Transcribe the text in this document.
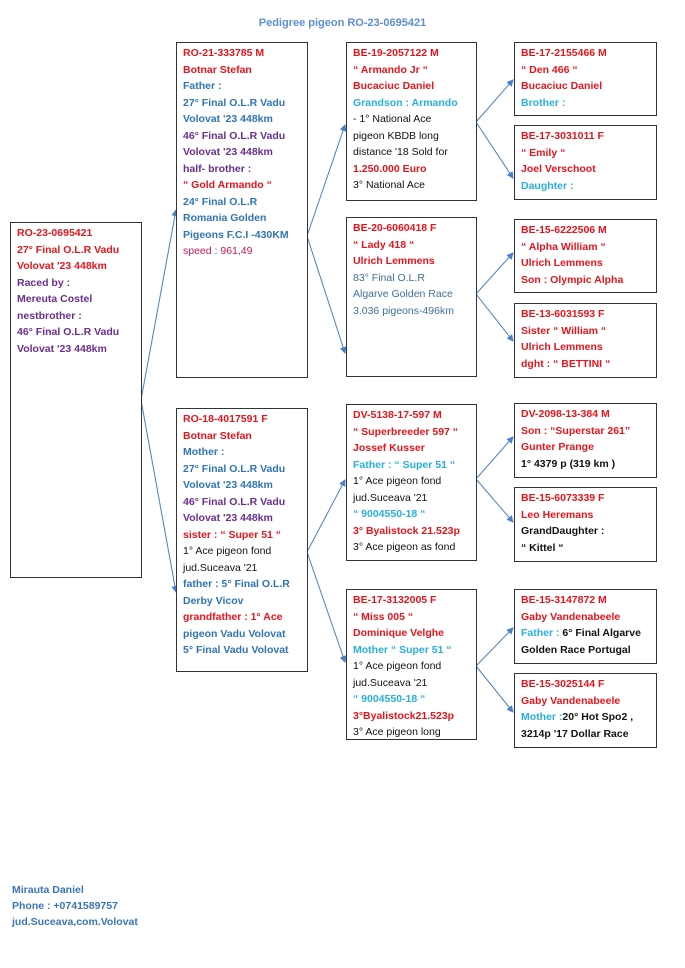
Pedigree pigeon RO-23-0695421
RO-23-0695421
27° Final O.L.R Vadu
Volovat '23 448km
Raced by :
Mereuta Costel
nestbrother :
46° Final O.L.R Vadu
Volovat '23 448km
RO-21-333785 M
Botnar Stefan
Father :
27° Final O.L.R Vadu
Volovat '23 448km
46° Final O.L.R Vadu
Volovat '23 448km
half- brother :
“ Gold Armando “
24° Final O.L.R
Romania Golden
Pigeons F.C.I -430KM
speed : 961,49
RO-18-4017591 F
Botnar Stefan
Mother :
27° Final O.L.R Vadu
Volovat '23 448km
46° Final O.L.R Vadu
Volovat '23 448km
sister : “ Super 51 “
1° Ace pigeon fond
jud.Suceava '21
father : 5° Final O.L.R
Derby Vicov
grandfather : 1° Ace
pigeon Vadu Volovat
5° Final Vadu Volovat
BE-19-2057122 M
“ Armando Jr “
Bucaciuc Daniel
Grandson : Armando
- 1° National Ace
pigeon KBDB long
distance '18 Sold for
1.250.000 Euro
3° National Ace
BE-20-6060418 F
“ Lady 418 “
Ulrich Lemmens
83° Final O.L.R
Algarve Golden Race
3.036 pigeons-496km
DV-5138-17-597 M
“ Superbreeder 597 “
Jossef Kusser
Father : “ Super 51 “
1° Ace pigeon fond
jud.Suceava '21
“ 9004550-18 “
3° Byalistock 21.523p
3° Ace pigeon as fond
BE-17-3132005 F
“ Miss 005 “
Dominique Velghe
Mother “ Super 51 “
1° Ace pigeon fond
jud.Suceava '21
“ 9004550-18 “
3°Byalistock21.523p
3° Ace pigeon long
BE-17-2155466 M
“ Den 466 “
Bucaciuc Daniel
Brother :
BE-17-3031011 F
“ Emily “
Joel Verschoot
Daughter :
BE-15-6222506 M
“ Alpha William “
Ulrich Lemmens
Son : Olympic Alpha
BE-13-6031593 F
Sister “ William “
Ulrich Lemmens
dght : “ BETTINI “
DV-2098-13-384 M
Son : “Superstar 261”
Gunter Prange
1° 4379 p (319 km )
BE-15-6073339 F
Leo Heremans
GrandDaughter :
“ Kittel “
BE-15-3147872 M
Gaby Vandenabeele
Father : 6° Final Algarve
Golden Race Portugal
BE-15-3025144 F
Gaby Vandenabeele
Mother :20° Hot Spo2 ,
3214p '17 Dollar Race
Mirauta Daniel
Phone : +0741589757
jud.Suceava,com.Volovat
